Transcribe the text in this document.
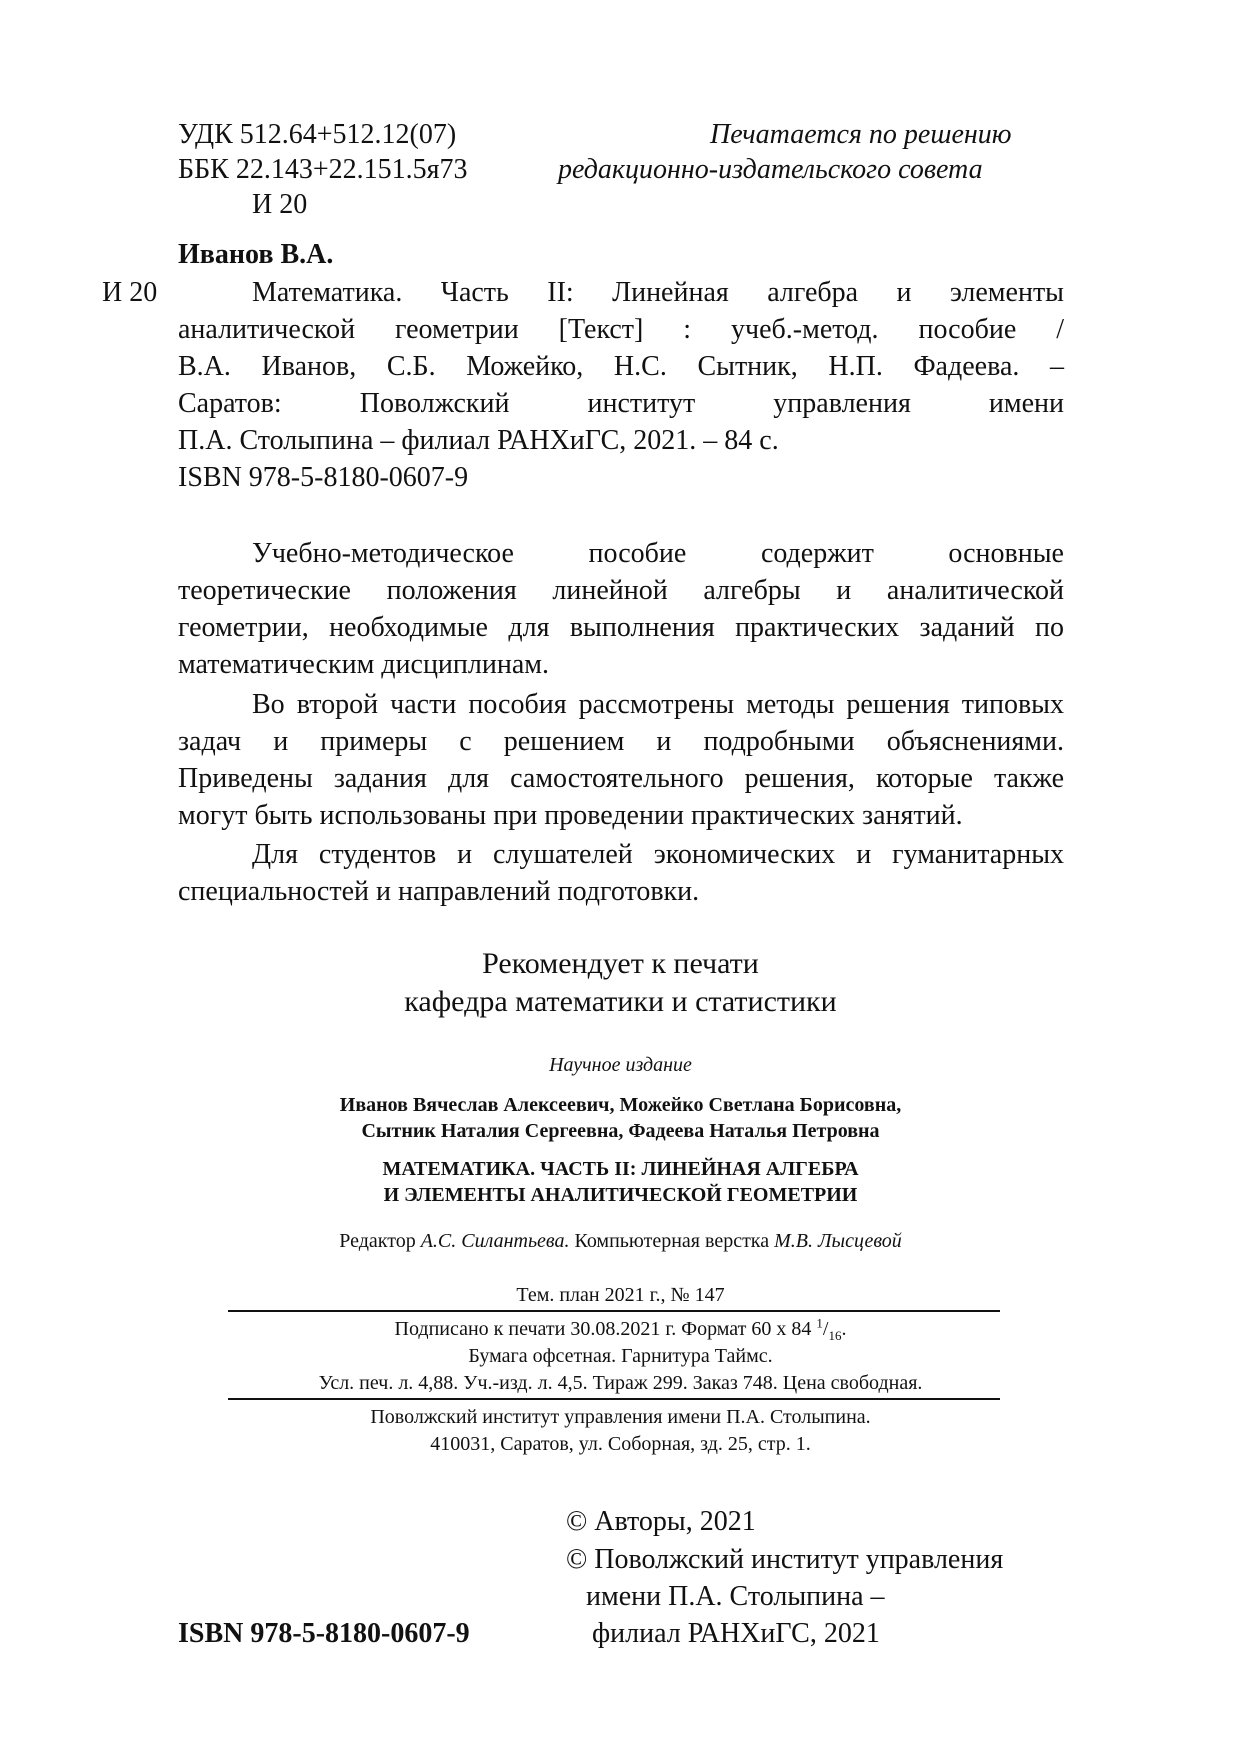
УДК 512.64+512.12(07)
ББК 22.143+22.151.5я73
И 20
Печатается по решению
редакционно-издательского совета
Иванов В.А.
И 20	Математика. Часть II: Линейная алгебра и элементы
аналитической геометрии [Текст] : учеб.-метод. пособие /
В.А. Иванов, С.Б. Можейко, Н.С. Сытник, Н.П. Фадеева. –
Саратов: Поволжский институт управления имени
П.А. Столыпина – филиал РАНХиГС, 2021. – 84 с.
ISBN 978-5-8180-0607-9
Учебно-методическое пособие содержит основные
теоретические положения линейной алгебры и аналитической
геометрии, необходимые для выполнения практических заданий по
математическим дисциплинам.
Во второй части пособия рассмотрены методы решения типовых
задач и примеры с решением и подробными объяснениями.
Приведены задания для самостоятельного решения, которые также
могут быть использованы при проведении практических занятий.
Для студентов и слушателей экономических и гуманитарных
специальностей и направлений подготовки.
Рекомендует к печати
кафедра математики и статистики
Научное издание
Иванов Вячеслав Алексеевич, Можейко Светлана Борисовна,
Сытник Наталия Сергеевна, Фадеева Наталья Петровна
МАТЕМАТИКА. ЧАСТЬ II: ЛИНЕЙНАЯ АЛГЕБРА
И ЭЛЕМЕНТЫ АНАЛИТИЧЕСКОЙ ГЕОМЕТРИИ
Редактор А.С. Силантьева. Компьютерная верстка М.В. Лысцевой
Тем. план 2021 г., № 147
Подписано к печати 30.08.2021 г. Формат 60 х 84 $^1/_{16}$.
Бумага офсетная. Гарнитура Таймс.
Усл. печ. л. 4,88. Уч.-изд. л. 4,5. Тираж 299. Заказ 748. Цена свободная.
Поволжский институт управления имени П.А. Столыпина.
410031, Саратов, ул. Соборная, зд. 25, стр. 1.
© Авторы, 2021
© Поволжский институт управления
имени П.А. Столыпина –
филиал РАНХиГС, 2021
ISBN 978-5-8180-0607-9
